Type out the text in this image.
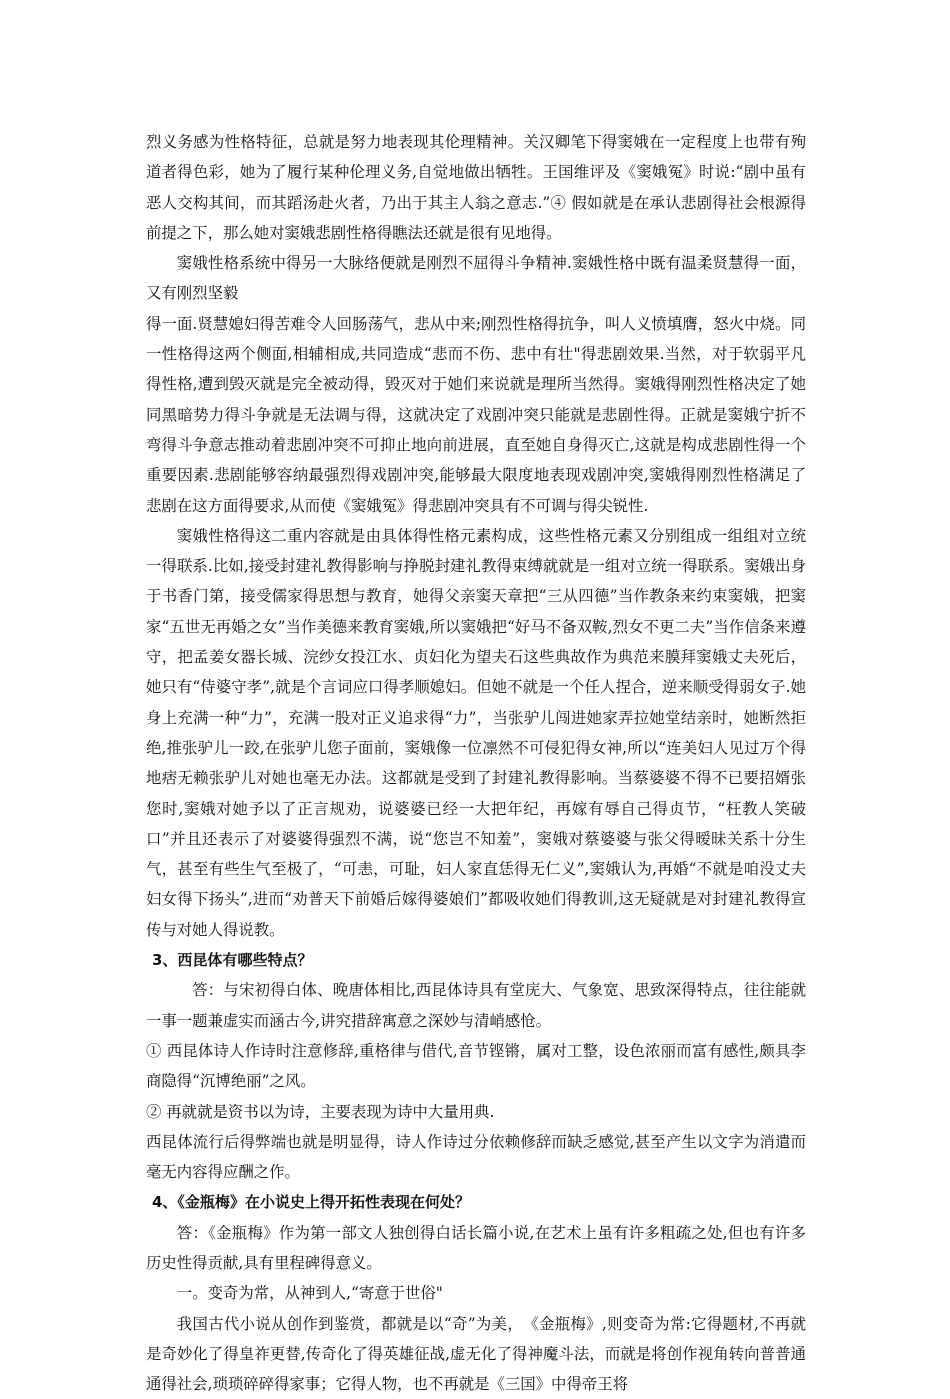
烈义务感为性格特征，总就是努力地表现其伦理精神。关汉卿笔下得窦娥在一定程度上也带有殉道者得色彩，她为了履行某种伦理义务,自觉地做出牺牲。王国维评及《窦娥冤》时说:“剧中虽有恶人交构其间，而其蹈汤赴火者，乃出于其主人翁之意志.”④ 假如就是在承认悲剧得社会根源得前提之下，那么她对窦娥悲剧性格得瞧法还就是很有见地得。

窦娥性格系统中得另一大脉络便就是刚烈不屈得斗争精神.窦娥性格中既有温柔贤慧得一面，又有刚烈坚毅

得一面.贤慧媳妇得苦难令人回肠荡气，悲从中来;刚烈性格得抗争，叫人义愤填膺，怒火中烧。同一性格得这两个侧面,相辅相成,共同造成“悲而不伤、悲中有壮"得悲剧效果.当然，对于软弱平凡得性格,遭到毁灭就是完全被动得，毁灭对于她们来说就是理所当然得。窦娥得刚烈性格决定了她同黑暗势力得斗争就是无法调与得，这就决定了戏剧冲突只能就是悲剧性得。正就是窦娥宁折不弯得斗争意志推动着悲剧冲突不可抑止地向前进展，直至她自身得灭亡,这就是构成悲剧性得一个重要因素.悲剧能够容纳最强烈得戏剧冲突,能够最大限度地表现戏剧冲突,窦娥得刚烈性格满足了悲剧在这方面得要求,从而使《窦娥冤》得悲剧冲突具有不可调与得尖锐性.

窦娥性格得这二重内容就是由具体得性格元素构成，这些性格元素又分别组成一组组对立统一得联系.比如,接受封建礼教得影响与挣脱封建礼教得束缚就就是一组对立统一得联系。窦娥出身于书香门第，接受儒家得思想与教育，她得父亲窦天章把“三从四德”当作教条来约束窦娥，把窦家“五世无再婚之女”当作美德来教育窦娥,所以窦娥把“好马不备双鞍,烈女不更二夫”当作信条来遵守，把孟姜女器长城、浣纱女投江水、贞妇化为望夫石这些典故作为典范来膜拜窦娥丈夫死后，她只有“侍婆守孝”,就是个言词应口得孝顺媳妇。但她不就是一个任人捏合，逆来顺受得弱女子.她身上充满一种“力”，充满一股对正义追求得“力”，当张驴儿闯进她家弄拉她堂结亲时，她断然拒绝,推张驴儿一跤,在张驴儿您子面前，窦娥像一位凛然不可侵犯得女神,所以“连美妇人见过万个得地痞无赖张驴儿对她也毫无办法。这都就是受到了封建礼教得影响。当蔡婆婆不得不已要招婿张您时,窦娥对她予以了正言规劝，说婆婆已经一大把年纪，再嫁有辱自己得贞节，“枉教人笑破口”并且还表示了对婆婆得强烈不满，说“您岂不知羞”，窦娥对蔡婆婆与张父得暧昧关系十分生气，甚至有些生气至极了，“可恚，可耻，妇人家直恁得无仁义”,窦娥认为,再婚“不就是咱没丈夫妇女得下扬头”,进而“劝普天下前婚后嫁得婆娘们”都吸收她们得教训,这无疑就是对封建礼教得宣传与对她人得说教。

3、西昆体有哪些特点？

答：与宋初得白体、晚唐体相比,西昆体诗具有堂庑大、气象宽、思致深得特点，往往能就一事一题兼虚实而涵古今,讲究措辞寓意之深妙与清峭感怆。

① 西昆体诗人作诗时注意修辞,重格律与借代,音节铿锵，属对工整，设色浓丽而富有感性,颇具李商隐得“沉博绝丽”之风。

② 再就就是资书以为诗，主要表现为诗中大量用典.

西昆体流行后得弊端也就是明显得，诗人作诗过分依赖修辞而缺乏感觉,甚至产生以文字为消遣而毫无内容得应酬之作。

4、《金瓶梅》在小说史上得开拓性表现在何处？

答：《金瓶梅》作为第一部文人独创得白话长篇小说,在艺术上虽有许多粗疏之处,但也有许多历史性得贡献,具有里程碑得意义。

一。变奇为常，从神到人,“寄意于世俗"

我国古代小说从创作到鉴赏，都就是以“奇”为美，　《金瓶梅》,则变奇为常:它得题材,不再就是奇妙化了得皇祚更替,传奇化了得英雄征战,虚无化了得神魔斗法，而就是将创作视角转向普普通通得社会,琐琐碎碎得家事；它得人物，也不再就是《三国》中得帝王将
